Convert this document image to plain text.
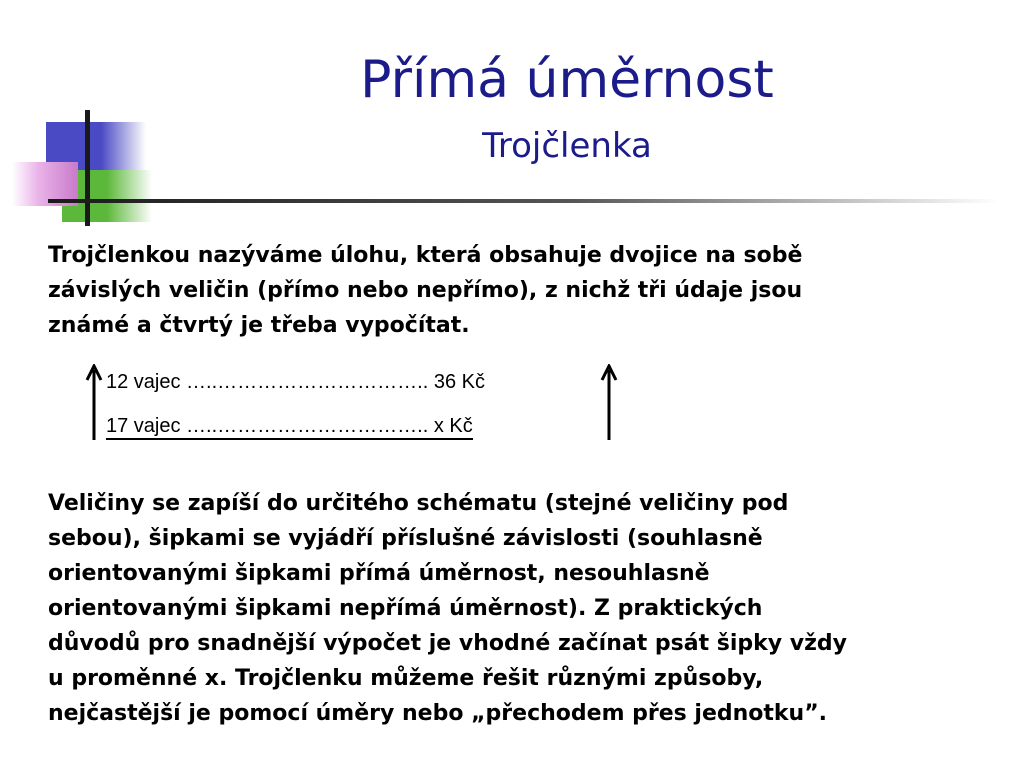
Přímá úměrnost
Trojčlenka

Trojčlenkou nazýváme úlohu, která obsahuje dvojice na sobě
závislých veličin (přímo nebo nepřímo), z nichž tři údaje jsou
známé a čtvrtý je třeba vypočítat.

12 vajec …..………………………….. 36 Kč
17 vajec …..………………………….. x Kč

Veličiny se zapíší do určitého schématu (stejné veličiny pod
sebou), šipkami se vyjádří příslušné závislosti (souhlasně
orientovanými šipkami přímá úměrnost, nesouhlasně
orientovanými šipkami nepřímá úměrnost). Z praktických
důvodů pro snadnější výpočet je vhodné začínat psát šipky vždy
u proměnné x. Trojčlenku můžeme řešit různými způsoby,
nejčastější je pomocí úměry nebo „přechodem přes jednotku”.
